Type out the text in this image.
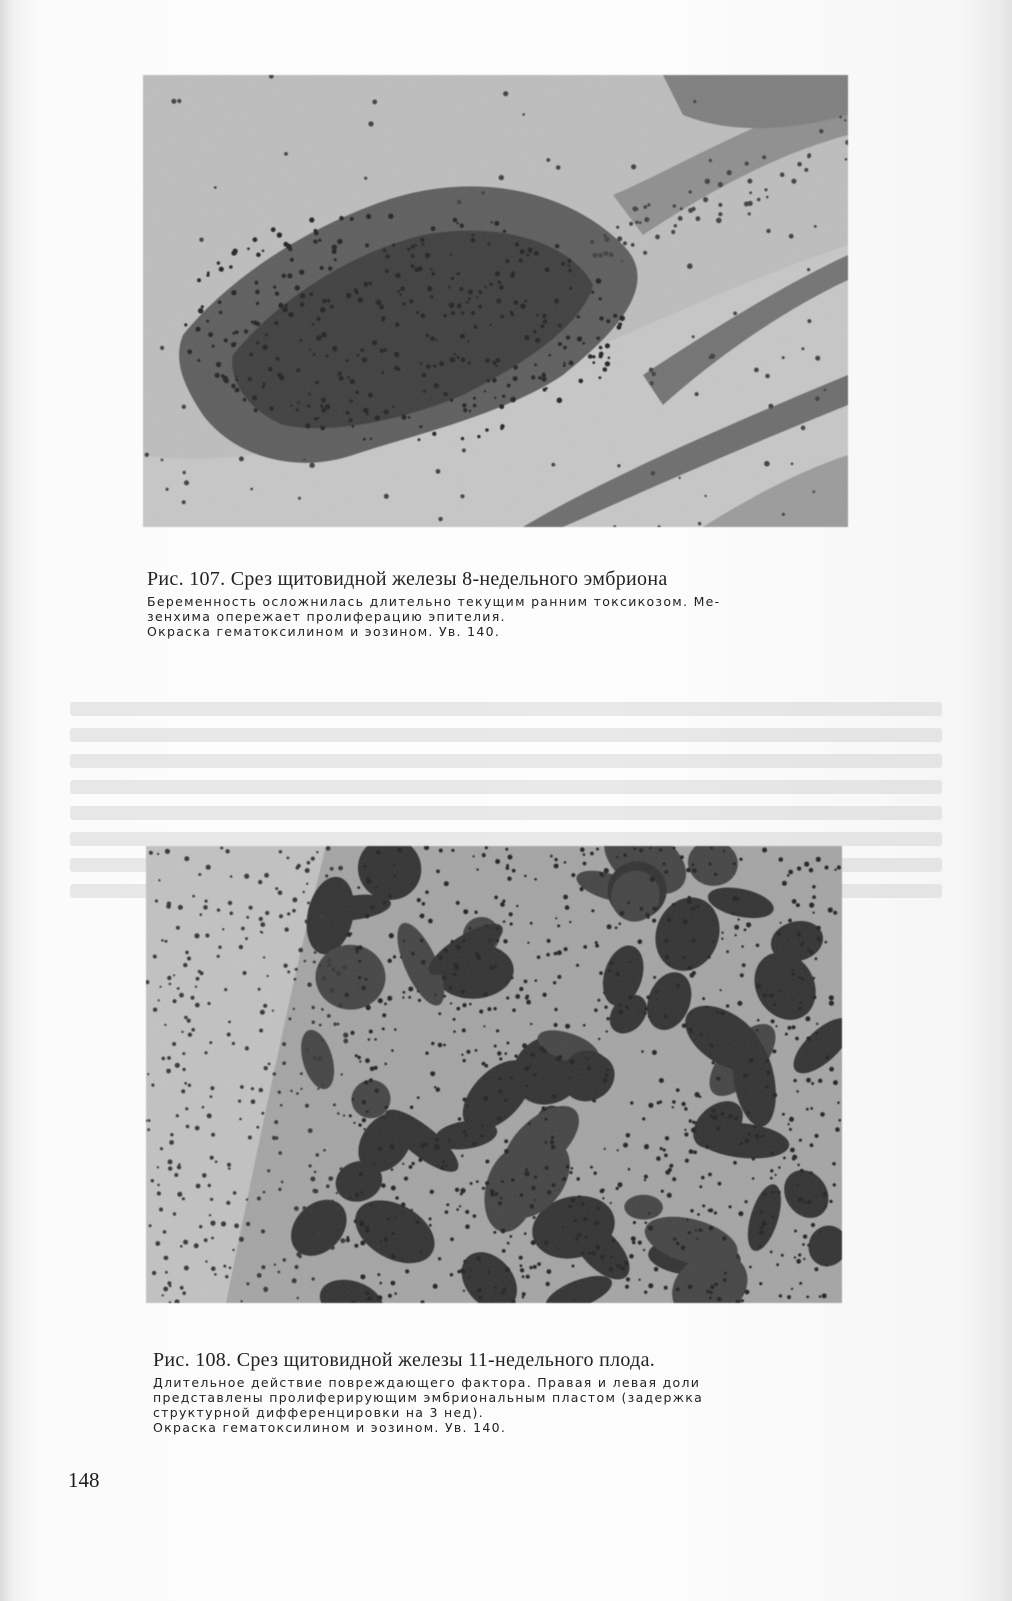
Рис. 107. Срез щитовидной железы 8-недельного эмбриона
Беременность осложнилась длительно текущим ранним токсикозом. Ме-
зенхима опережает пролиферацию эпителия.
Окраска гематоксилином и эозином. Ув. 140.
Рис. 108. Срез щитовидной железы 11-недельного плода.
Длительное действие повреждающего фактора. Правая и левая доли
представлены пролиферирующим эмбриональным пластом (задержка
структурной дифференцировки на 3 нед).
Окраска гематоксилином и эозином. Ув. 140.
148
